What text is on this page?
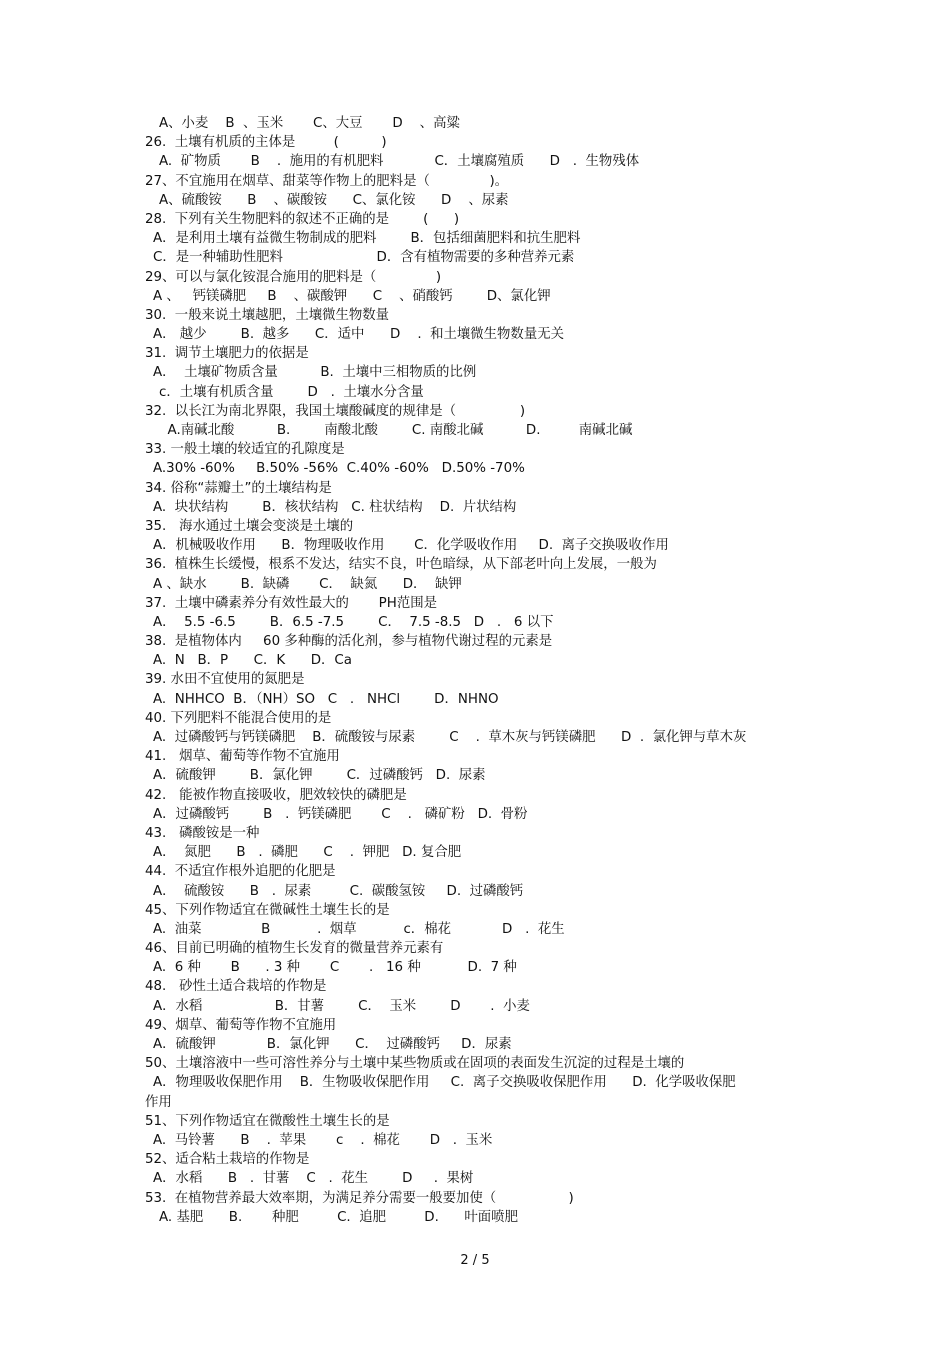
A、小麦    B  、玉米       C、大豆       D    、高粱
26.  土壤有机质的主体是         (          )
A.  矿物质       B    .  施用的有机肥料            C．土壤腐殖质      D   .  生物残体
27、不宜施用在烟草、甜菜等作物上的肥料是（              )。
A、硫酸铵      B    、碳酸铵      C、氯化铵      D    、尿素
28.  下列有关生物肥料的叙述不正确的是        (      )
A．是利用土壤有益微生物制成的肥料        B．包括细菌肥料和抗生肥料
C．是一种辅助性肥料                      D．含有植物需要的多种营养元素
29、可以与氯化铵混合施用的肥料是（              )
A 、   钙镁磷肥     B    、碳酸钾      C    、硝酸钙        D、氯化钾
30.  一般来说土壤越肥，土壤微生物数量
A． 越少        B.  越多      C．适中      D    .  和土壤微生物数量无关
31.  调节土壤肥力的依据是
A．  土壤矿物质含量          B.  土壤中三相物质的比例
c．土壤有机质含量        D   .  土壤水分含量
32.  以长江为南北界限，我国土壤酸碱度的规律是（               )
A.南碱北酸          B.        南酸北酸        C. 南酸北碱          D.         南碱北碱
33. 一般土壤的较适宜的孔隙度是
A.30% -60%     B.50% -56%  C.40% -60%   D.50% -70%
34. 俗称“蒜瓣土”的土壤结构是
A.  块状结构        B．核状结构   C. 柱状结构    D.  片状结构
35.   海水通过土壤会变淡是土壤的
A．机械吸收作用      B．物理吸收作用       C．化学吸收作用     D.  离子交换吸收作用
36.  植株生长缓慢，根系不发达，结实不良，叶色暗绿，从下部老叶向上发展，一般为
A 、缺水        B.  缺磷       C．  缺氮      D．  缺钾
37.  土壤中磷素养分有效性最大的       PH范围是
A．  5.5 -6.5        B．6.5 -7.5        C．  7.5 -8.5   D   .   6 以下
38.  是植物体内     60 多种酶的活化剂，参与植物代谢过程的元素是
A.  N   B．P      C．K      D．Ca
39. 水田不宜使用的氮肥是
A.  NHHCO  B．（NH）SO   C   .   NHCl        D．NHNO
40. 下列肥料不能混合使用的是
A.  过磷酸钙与钙镁磷肥    B．硫酸铵与尿素        C    .  草木灰与钙镁磷肥      D  .  氯化钾与草木灰
41.   烟草、葡萄等作物不宜施用
A．硫酸钾        B．氯化钾        C．过磷酸钙   D.  尿素
42.   能被作物直接吸收，肥效较快的磷肥是
A．过磷酸钙        B   .  钙镁磷肥       C    .   磷矿粉   D.  骨粉
43.   磷酸铵是一种
A．  氮肥      B   .  磷肥      C    .  钾肥   D. 复合肥
44.  不适宜作根外追肥的化肥是
A．  硫酸铵      B   .  尿素         C.  碳酸氢铵     D.  过磷酸钙
45、下列作物适宜在微碱性土壤生长的是
A.  油菜              B           .  烟草           c．棉花            D   .  花生
46、目前已明确的植物生长发育的微量营养元素有
A.  6 种       B      . 3 种       C       .   16 种           D.  7 种
48.   砂性土适合栽培的作物是
A．水稻                 B．甘薯        C．  玉米        D       .  小麦
49、烟草、葡萄等作物不宜施用
A．硫酸钾            B．氯化钾      C．  过磷酸钙     D．尿素
50、土壤溶液中一些可溶性养分与土壤中某些物质或在固项的表面发生沉淀的过程是土壤的
A．物理吸收保肥作用    B．生物吸收保肥作用     C.  离子交换吸收保肥作用      D.  化学吸收保肥
作用
51、下列作物适宜在微酸性土壤生长的是
A.  马铃薯      B    .  苹果       c    .  棉花       D   .  玉米
52、适合粘土栽培的作物是
A．水稻      B   .  甘薯    C   .  花生        D     .  果树
53.  在植物营养最大效率期，为满足养分需要一般要加使（                 )
A. 基肥      B.       种肥         C.  追肥         D.      叶面喷肥
2 / 5
